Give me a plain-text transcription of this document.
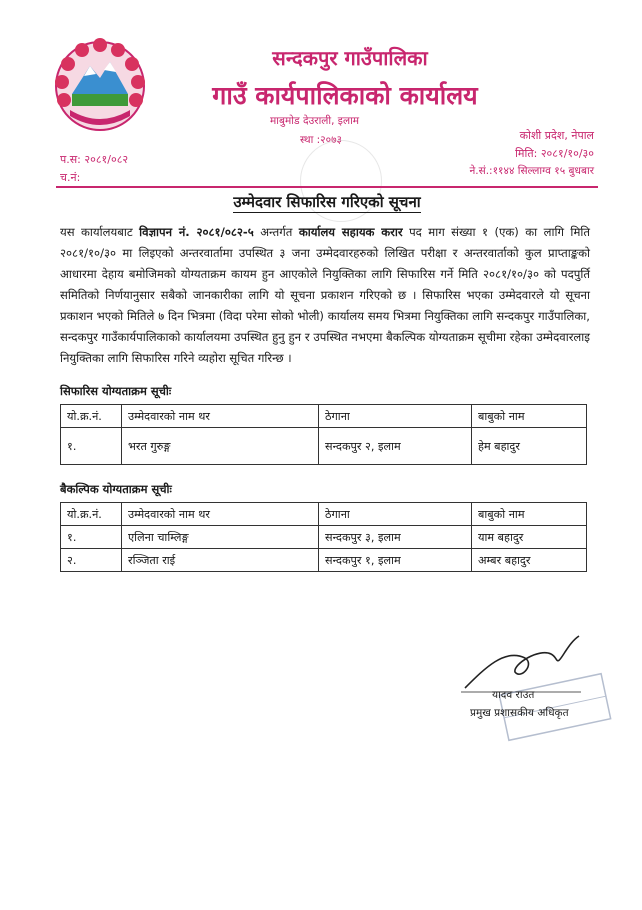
सन्दकपुर गाउँपालिका
गाउँ कार्यपालिकाको कार्यालय
माबुमोड देउराली, इलाम
स्था :२०७३	कोशी प्रदेश, नेपाल
मिति: २०८१/१०/३०
ने.सं.:११४४ सिल्लाग्व १५ बुधबार
प.स: २०८१/०८२
च.नं:
उम्मेदवार सिफारिस गरिएको सूचना
यस कार्यालयबाट विज्ञापन नं. २०८१/०८२-५ अन्तर्गत कार्यालय सहायक करार पद माग संख्या १ (एक) का लागि मिति २०८१/१०/३० मा लिइएको अन्तरवार्तामा उपस्थित ३ जना उम्मेदवारहरुको लिखित परीक्षा र अन्तरवार्ताको कुल प्राप्ताङ्कको आधारमा देहाय बमोजिमको योग्यताक्रम कायम हुन आएकोले नियुक्तिका लागि सिफारिस गर्ने मिति २०८१/१०/३० को पदपुर्ति समितिको निर्णयानुसार सबैको जानकारीका लागि यो सूचना प्रकाशन गरिएको छ । सिफारिस भएका उम्मेदवारले यो सूचना प्रकाशन भएको मितिले ७ दिन भित्रमा (विदा परेमा सोको भोली) कार्यालय समय भित्रमा नियुक्तिका लागि सन्दकपुर गाउँपालिका, सन्दकपुर गाउँकार्यपालिकाको कार्यालयमा उपस्थित हुनु हुन र उपस्थित नभएमा बैकल्पिक योग्यताक्रम सूचीमा रहेका उम्मेदवारलाइ नियुक्तिका लागि सिफारिस गरिने व्यहोरा सूचित गरिन्छ ।
सिफारिस योग्यताक्रम सूचीः
यो.क्र.नं.	उम्मेदवारको नाम थर	ठेगाना	बाबुको नाम
१.	भरत गुरुङ्ग	सन्दकपुर २, इलाम	हेम बहादुर
बैकल्पिक योग्यताक्रम सूचीः
यो.क्र.नं.	उम्मेदवारको नाम थर	ठेगाना	बाबुको नाम
१.	एलिना चाम्लिङ्ग	सन्दकपुर ३, इलाम	याम बहादुर
२.	रञ्जिता राई	सन्दकपुर १, इलाम	अम्बर बहादुर
यादव राउत
प्रमुख प्रशासकीय अधिकृत
